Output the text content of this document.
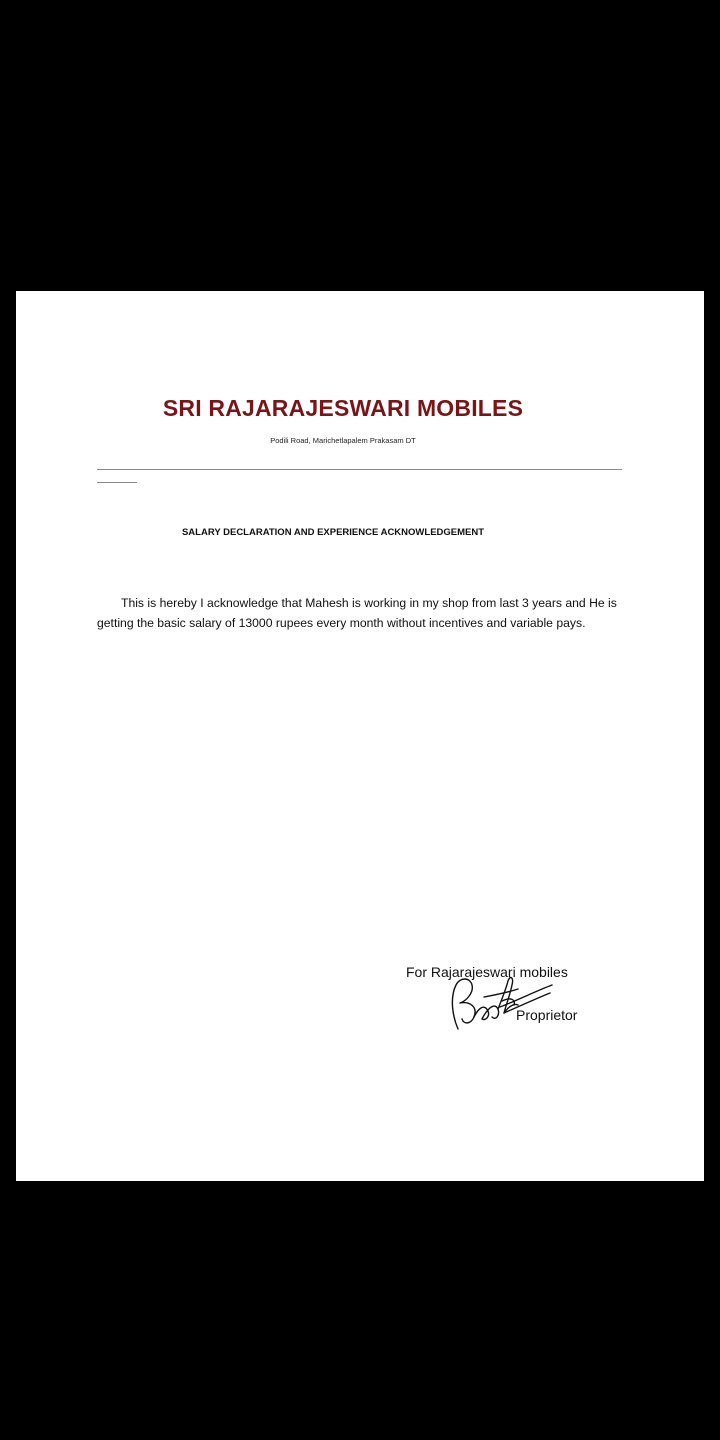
SRI RAJARAJESWARI MOBILES
Podili Road, Marichetlapalem Prakasam DT
SALARY DECLARATION AND EXPERIENCE ACKNOWLEDGEMENT

This is hereby I acknowledge that Mahesh is working in my shop from last 3 years and He is getting the basic salary of 13000 rupees every month without incentives and variable pays.

For Rajarajeswari mobiles
Proprietor
